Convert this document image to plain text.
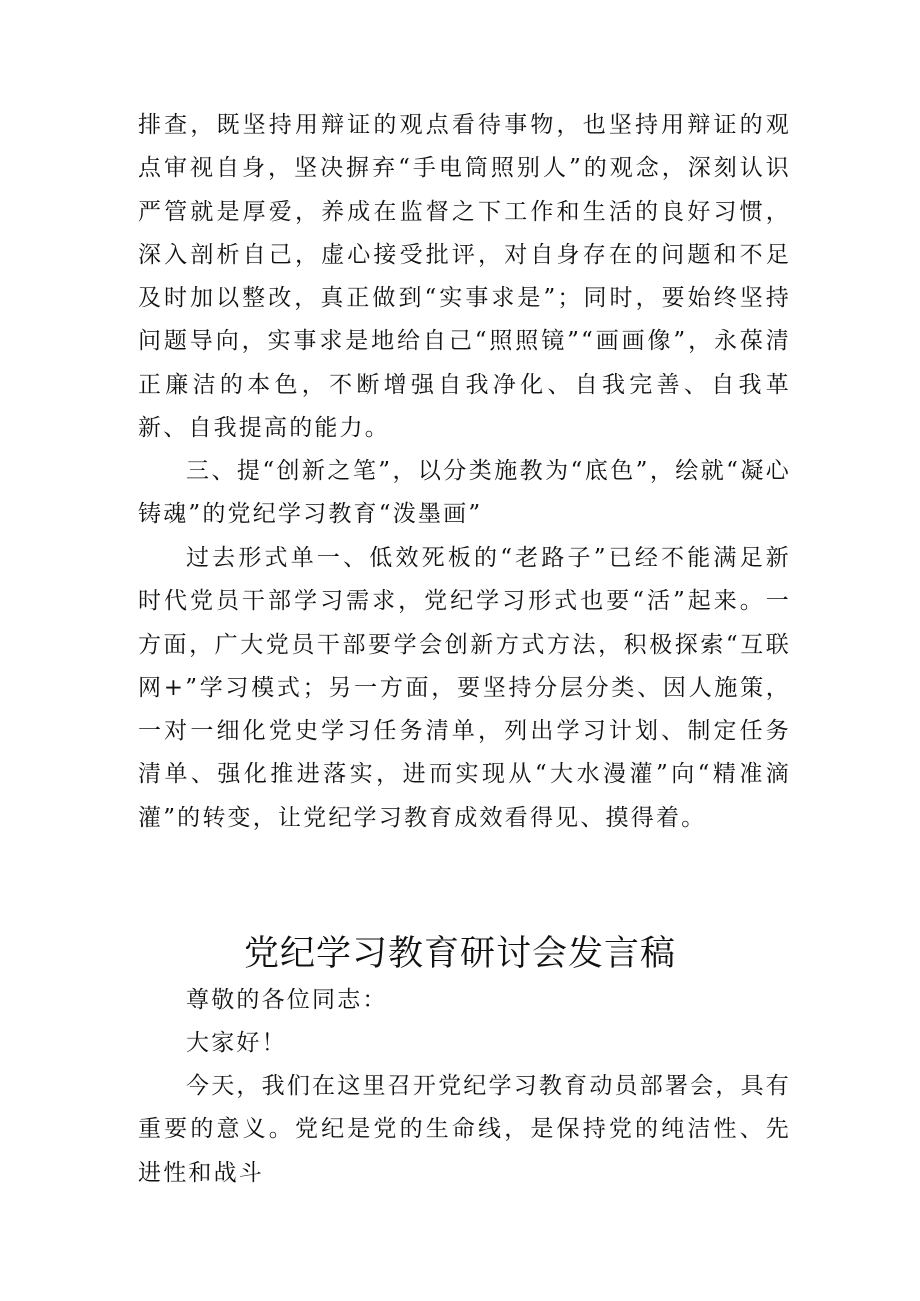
排查，既坚持用辩证的观点看待事物，也坚持用辩证的观点审视自身，坚决摒弃“手电筒照别人”的观念，深刻认识严管就是厚爱，养成在监督之下工作和生活的良好习惯，深入剖析自己，虚心接受批评，对自身存在的问题和不足及时加以整改，真正做到“实事求是”；同时，要始终坚持问题导向，实事求是地给自己“照照镜”“画画像”，永葆清正廉洁的本色，不断增强自我净化、自我完善、自我革新、自我提高的能力。

三、提“创新之笔”，以分类施教为“底色”，绘就“凝心铸魂”的党纪学习教育“泼墨画”

过去形式单一、低效死板的“老路子”已经不能满足新时代党员干部学习需求，党纪学习形式也要“活”起来。一方面，广大党员干部要学会创新方式方法，积极探索“互联网+”学习模式；另一方面，要坚持分层分类、因人施策，一对一细化党史学习任务清单，列出学习计划、制定任务清单、强化推进落实，进而实现从“大水漫灌”向“精准滴灌”的转变，让党纪学习教育成效看得见、摸得着。

党纪学习教育研讨会发言稿

尊敬的各位同志：

大家好！

今天，我们在这里召开党纪学习教育动员部署会，具有重要的意义。党纪是党的生命线，是保持党的纯洁性、先进性和战斗
